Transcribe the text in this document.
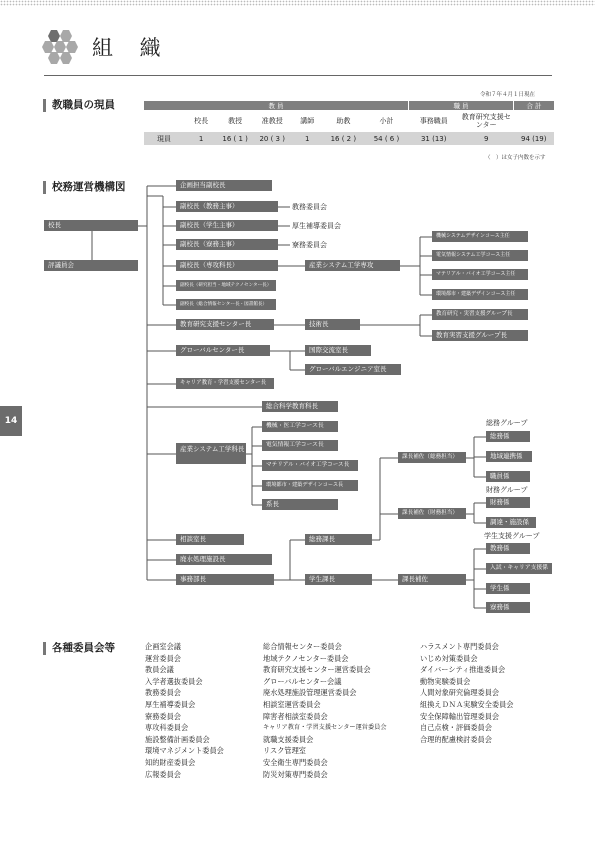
組 織
教職員の現員
令和７年４月１日現在
教 員							職 員		合 計
	校長	教授	准教授	講師	助教	小計	事務職員	教育研究支援センター	
現員	1	16 ( 1 )	20 ( 3 )	1	16 ( 2 )	54 ( 6 )	31 (13)	9	94 (19)
（　）は女子内数を示す
校務運営機構図
校長
評議員会
企画担当副校長
副校長（教務主事）
副校長（学生主事）
副校長（寮務主事）
副校長（専攻科長）
副校長（研究担当・地域テクノセンター長）
副校長（総合情報センター長・図書館長）
教務委員会
厚生補導委員会
寮務委員会
産業システム工学専攻
機械システムデザインコース主任
電気情報システム工学コース主任
マテリアル・バイオ工学コース主任
環境都市・建築デザインコース主任
教育研究支援センター長	技術長
教育研究・実習支援グループ長
教育実習支援グループ長
グローバルセンター長	国際交流室長
グローバルエンジニア室長
キャリア教育・学習支援センター長
総合科学教育科長
産業システム工学科長
機械・医工学コース長
電気情報工学コース長
マテリアル・バイオ工学コース長
環境都市・建築デザインコース長
系長
相談室長
廃水処理施設長
事務部長
総務課長
学生課長
課長補佐（総務担当）
課長補佐（財務担当）
課長補佐
総務グループ
総務係
地域連携係
職員係
財務グループ
財務係
調達・施設係
学生支援グループ
教務係
入試・キャリア支援係
学生係
寮務係
14
各種委員会等	企画室会議
運営委員会
教員会議
入学者選抜委員会
教務委員会
厚生補導委員会
寮務委員会
専攻科委員会
施設整備計画委員会
環境マネジメント委員会
知的財産委員会
広報委員会
総合情報センター委員会
地域テクノセンター委員会
教育研究支援センター運営委員会
グローバルセンター会議
廃水処理施設管理運営委員会
相談室運営委員会
障害者相談室委員会
キャリア教育・学習支援センター運営委員会
就職支援委員会
リスク管理室
安全衛生専門委員会
防災対策専門委員会
ハラスメント専門委員会
いじめ対策委員会
ダイバーシティ推進委員会
動物実験委員会
人間対象研究倫理委員会
組換えＤＮＡ実験安全委員会
安全保障輸出管理委員会
自己点検・評価委員会
合理的配慮検討委員会
